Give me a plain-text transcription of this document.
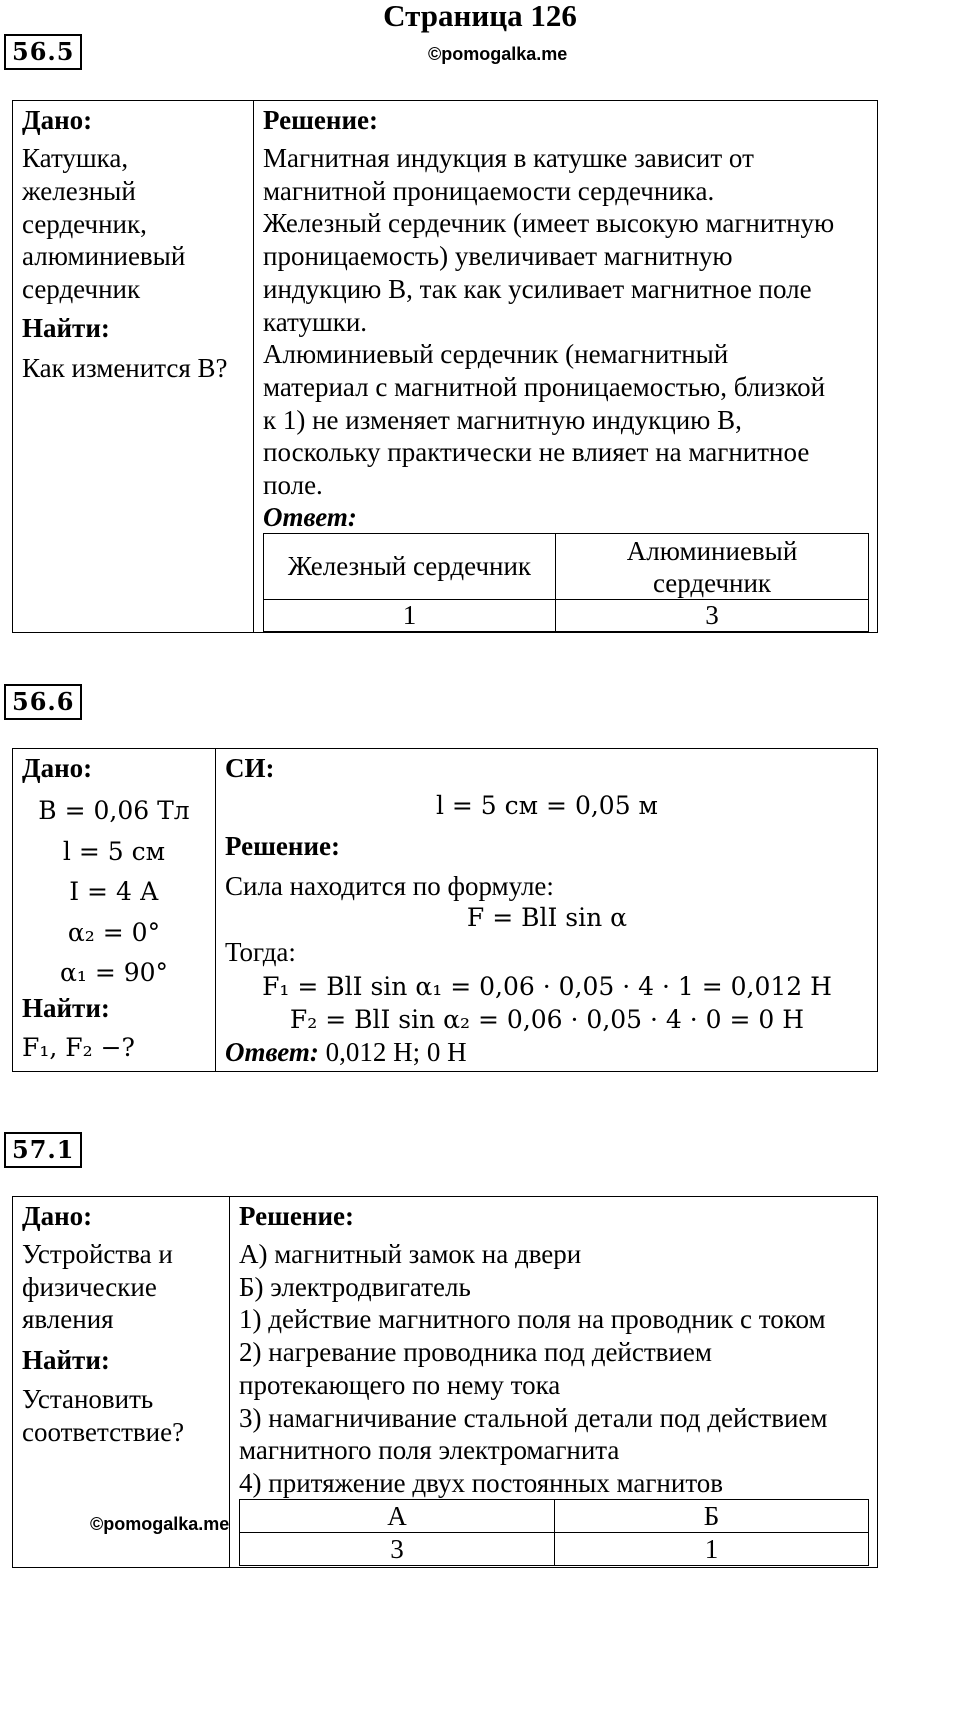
Страница 126
©pomogalka.me
56.5
Дано:
Катушка,
железный
сердечник,
алюминиевый
сердечник
Найти:
Как изменится В?
Решение:
Магнитная индукция в катушке зависит от
магнитной проницаемости сердечника.
Железный сердечник (имеет высокую магнитную
проницаемость) увеличивает магнитную
индукцию В, так как усиливает магнитное поле
катушки.
Алюминиевый сердечник (немагнитный
материал с магнитной проницаемостью, близкой
к 1) не изменяет магнитную индукцию В,
поскольку практически не влияет на магнитное
поле.
Ответ:
Железный сердечник	Алюминиевый сердечник
1	3
56.6
Дано:
B = 0,06 Тл
l = 5 см
I = 4 А
α₂ = 0°
α₁ = 90°
Найти:
F₁, F₂ −?
СИ:
l = 5 см = 0,05 м
Решение:
Сила находится по формуле:
F = BlI sin α
Тогда:
F₁ = BlI sin α₁ = 0,06 · 0,05 · 4 · 1 = 0,012 Н
F₂ = BlI sin α₂ = 0,06 · 0,05 · 4 · 0 = 0 Н
Ответ: 0,012 Н; 0 Н
57.1
Дано:
Устройства и
физические
явления
Найти:
Установить
соответствие?
Решение:
А) магнитный замок на двери
Б) электродвигатель
1) действие магнитного поля на проводник с током
2) нагревание проводника под действием
протекающего по нему тока
3) намагничивание стальной детали под действием
магнитного поля электромагнита
4) притяжение двух постоянных магнитов
А	Б
3	1
©pomogalka.me
